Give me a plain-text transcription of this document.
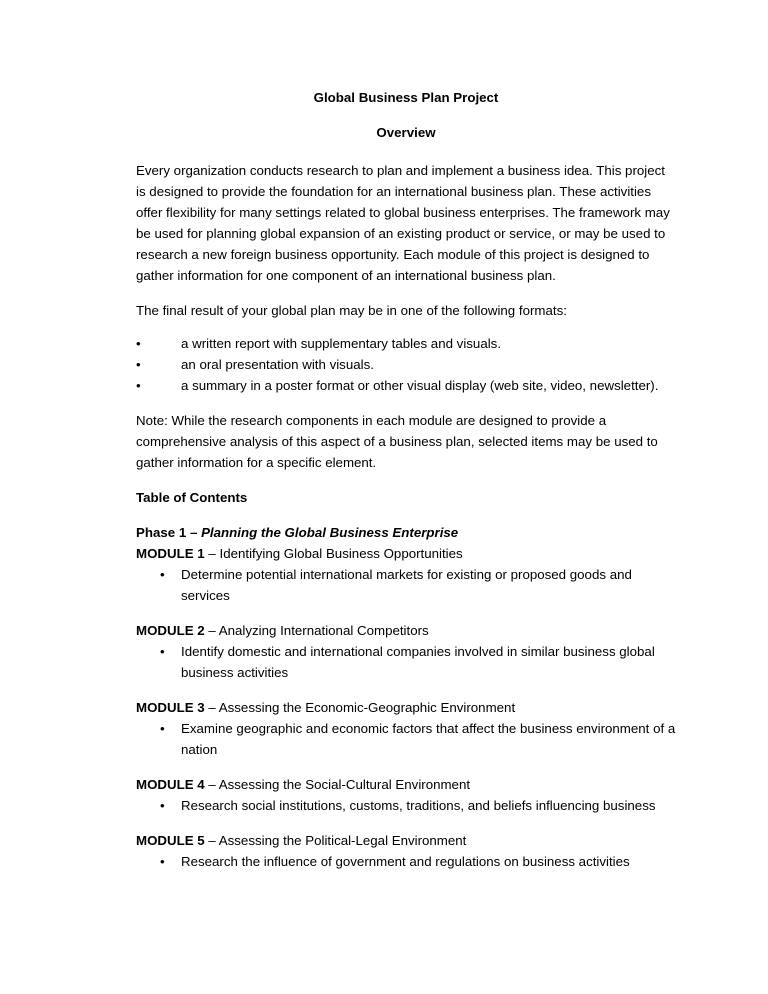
Global Business Plan Project

Overview

Every organization conducts research to plan and implement a business idea. This project is designed to provide the foundation for an international business plan. These activities offer flexibility for many settings related to global business enterprises. The framework may be used for planning global expansion of an existing product or service, or may be used to research a new foreign business opportunity. Each module of this project is designed to gather information for one component of an international business plan.

The final result of your global plan may be in one of the following formats:

• a written report with supplementary tables and visuals.
• an oral presentation with visuals.
• a summary in a poster format or other visual display (web site, video, newsletter).

Note: While the research components in each module are designed to provide a comprehensive analysis of this aspect of a business plan, selected items may be used to gather information for a specific element.

Table of Contents

Phase 1 – Planning the Global Business Enterprise

MODULE 1 – Identifying Global Business Opportunities
• Determine potential international markets for existing or proposed goods and services
MODULE 2 – Analyzing International Competitors
• Identify domestic and international companies involved in similar business global business activities
MODULE 3 – Assessing the Economic-Geographic Environment
• Examine geographic and economic factors that affect the business environment of a nation
MODULE 4 – Assessing the Social-Cultural Environment
• Research social institutions, customs, traditions, and beliefs influencing business
MODULE 5 – Assessing the Political-Legal Environment
• Research the influence of government and regulations on business activities
